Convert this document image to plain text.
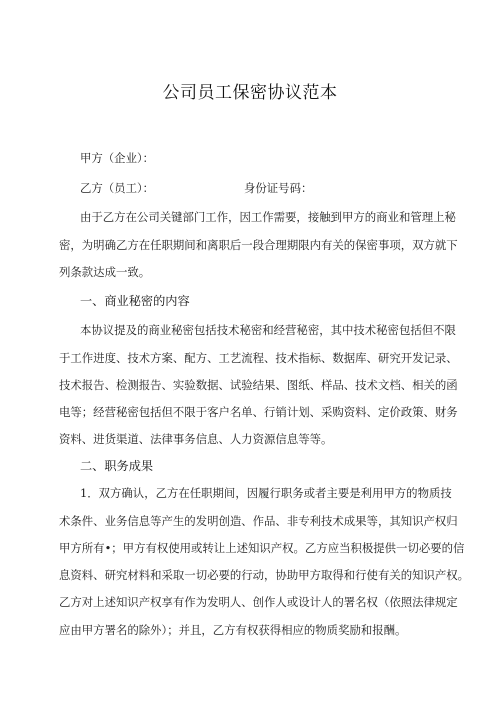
公司员工保密协议范本
甲方（企业）：
乙方（员工）：	身份证号码：
由于乙方在公司关键部门工作，因工作需要，接触到甲方的商业和管理上秘
密，为明确乙方在任职期间和离职后一段合理期限内有关的保密事项，双方就下
列条款达成一致。
一、商业秘密的内容
本协议提及的商业秘密包括技术秘密和经营秘密，其中技术秘密包括但不限
于工作进度、技术方案、配方、工艺流程、技术指标、数据库、研究开发记录、
技术报告、检测报告、实验数据、试验结果、图纸、样品、技术文档、相关的函
电等；经营秘密包括但不限于客户名单、行销计划、采购资料、定价政策、财务
资料、进货渠道、法律事务信息、人力资源信息等等。
二、职务成果
1．双方确认，乙方在任职期间，因履行职务或者主要是利用甲方的物质技
术条件、业务信息等产生的发明创造、作品、非专利技术成果等，其知识产权归
甲方所有•；甲方有权使用或转让上述知识产权。乙方应当积极提供一切必要的信
息资料、研究材料和采取一切必要的行动，协助甲方取得和行使有关的知识产权。
乙方对上述知识产权享有作为发明人、创作人或设计人的署名权（依照法律规定
应由甲方署名的除外）；并且，乙方有权获得相应的物质奖励和报酬。
